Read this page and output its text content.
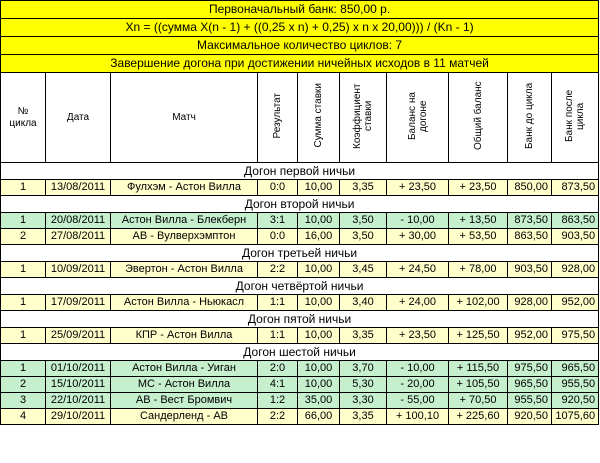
Первоначальный банк: 850,00 р.									
Xn = ((сумма X(n - 1) + ((0,25 x n) + 0,25) x n x 20,00))) / (Kn - 1)									
Максимальное количество циклов: 7									
Завершение догона при достижении ничейных исходов в 11 матчей									
№ цикла	Дата	Матч	Результат	Сумма ставки	Коэффициент ставки	Баланс на догоне	Общий баланс	Банк до цикла	Банк после цикла
Догон первой ничьи									
1	13/08/2011	Фулхэм - Астон Вилла	0:0	10,00	3,35	+ 23,50	+ 23,50	850,00	873,50
Догон второй ничьи									
1	20/08/2011	Астон Вилла - Блекберн	3:1	10,00	3,50	- 10,00	+ 13,50	873,50	863,50
2	27/08/2011	АВ - Вулверхэмптон	0:0	16,00	3,50	+ 30,00	+ 53,50	863,50	903,50
Догон третьей ничьи									
1	10/09/2011	Эвертон - Астон Вилла	2:2	10,00	3,45	+ 24,50	+ 78,00	903,50	928,00
Догон четвёртой ничьи									
1	17/09/2011	Астон Вилла - Ньюкасл	1:1	10,00	3,40	+ 24,00	+ 102,00	928,00	952,00
Догон пятой ничьи									
1	25/09/2011	КПР - Астон Вилла	1:1	10,00	3,35	+ 23,50	+ 125,50	952,00	975,50
Догон шестой ничьи									
1	01/10/2011	Астон Вилла - Уиган	2:0	10,00	3,70	- 10,00	+ 115,50	975,50	965,50
2	15/10/2011	МС - Астон Вилла	4:1	10,00	5,30	- 20,00	+ 105,50	965,50	955,50
3	22/10/2011	АВ - Вест Бромвич	1:2	35,00	3,30	- 55,00	+ 70,50	955,50	920,50
4	29/10/2011	Сандерленд - АВ	2:2	66,00	3,35	+ 100,10	+ 225,60	920,50	1075,60
